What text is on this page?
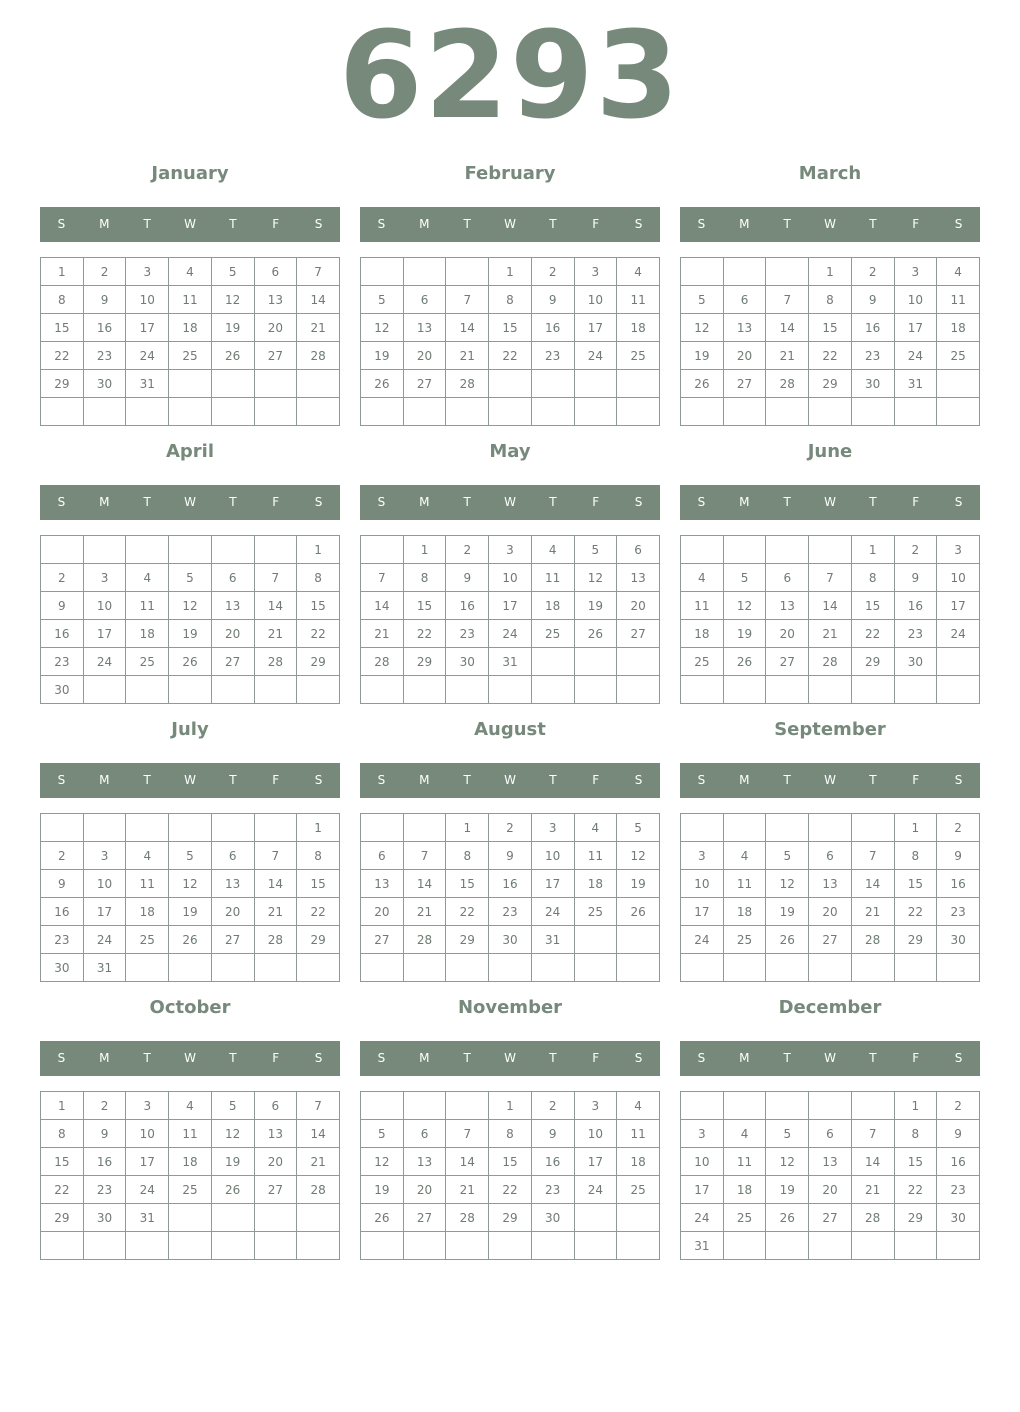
6293
January
S	M	T	W	T	F	S
1	2	3	4	5	6	7
8	9	10	11	12	13	14
15	16	17	18	19	20	21
22	23	24	25	26	27	28
29	30	31				

February
S	M	T	W	T	F	S
			1	2	3	4
5	6	7	8	9	10	11
12	13	14	15	16	17	18
19	20	21	22	23	24	25
26	27	28				

March
S	M	T	W	T	F	S
			1	2	3	4
5	6	7	8	9	10	11
12	13	14	15	16	17	18
19	20	21	22	23	24	25
26	27	28	29	30	31	

April
S	M	T	W	T	F	S
						1
2	3	4	5	6	7	8
9	10	11	12	13	14	15
16	17	18	19	20	21	22
23	24	25	26	27	28	29
30						
May
S	M	T	W	T	F	S
	1	2	3	4	5	6
7	8	9	10	11	12	13
14	15	16	17	18	19	20
21	22	23	24	25	26	27
28	29	30	31			

June
S	M	T	W	T	F	S
				1	2	3
4	5	6	7	8	9	10
11	12	13	14	15	16	17
18	19	20	21	22	23	24
25	26	27	28	29	30	

July
S	M	T	W	T	F	S
						1
2	3	4	5	6	7	8
9	10	11	12	13	14	15
16	17	18	19	20	21	22
23	24	25	26	27	28	29
30	31					
August
S	M	T	W	T	F	S
		1	2	3	4	5
6	7	8	9	10	11	12
13	14	15	16	17	18	19
20	21	22	23	24	25	26
27	28	29	30	31		

September
S	M	T	W	T	F	S
					1	2
3	4	5	6	7	8	9
10	11	12	13	14	15	16
17	18	19	20	21	22	23
24	25	26	27	28	29	30

October
S	M	T	W	T	F	S
1	2	3	4	5	6	7
8	9	10	11	12	13	14
15	16	17	18	19	20	21
22	23	24	25	26	27	28
29	30	31				

November
S	M	T	W	T	F	S
			1	2	3	4
5	6	7	8	9	10	11
12	13	14	15	16	17	18
19	20	21	22	23	24	25
26	27	28	29	30		

December
S	M	T	W	T	F	S
					1	2
3	4	5	6	7	8	9
10	11	12	13	14	15	16
17	18	19	20	21	22	23
24	25	26	27	28	29	30
31						
